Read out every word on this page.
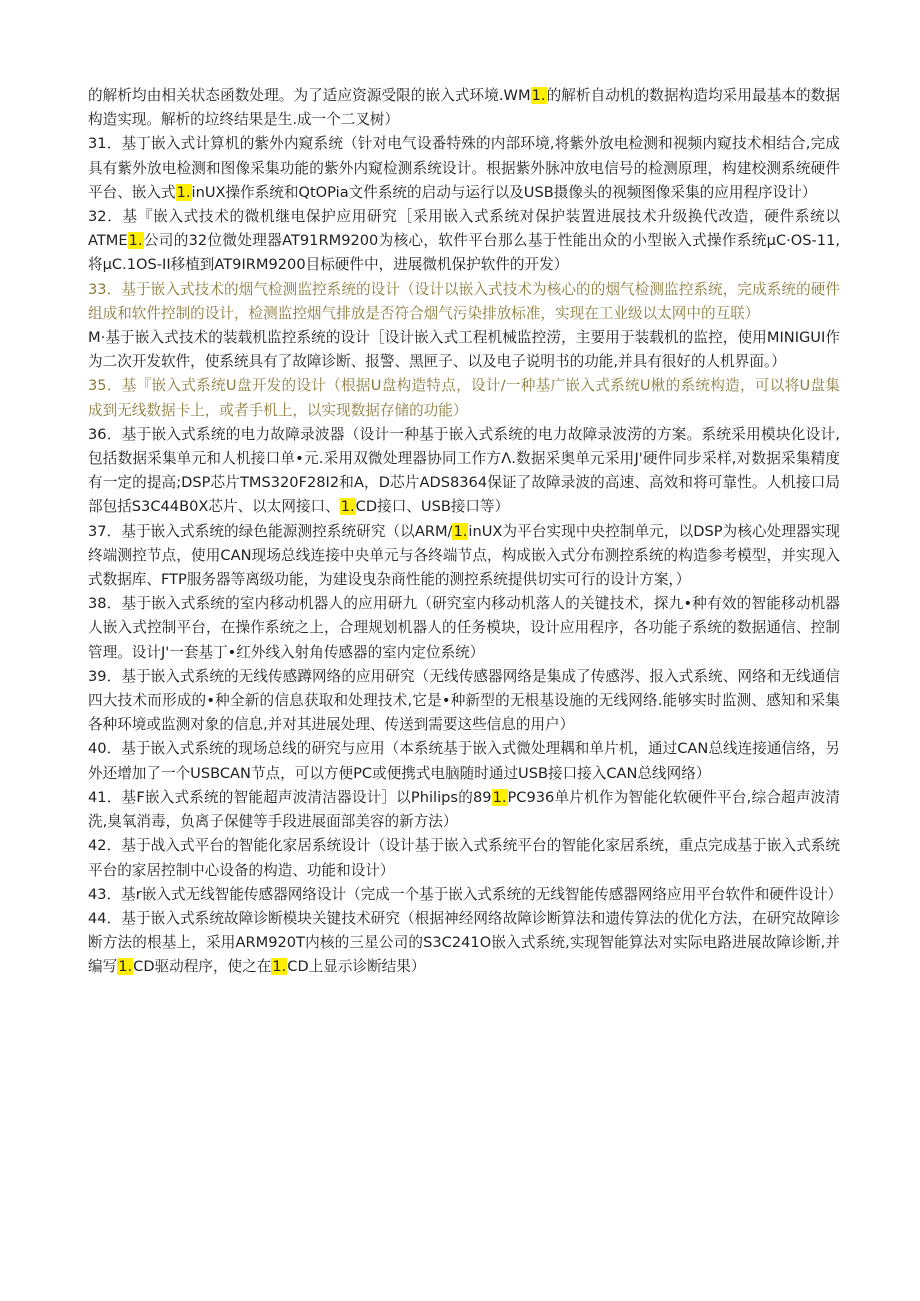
的解析均由相关状态函数处理。为了适应资源受限的嵌入式环境.WM1.的解析自动机的数据构造均采用最基本的数据构造实现。解析的垃终结果是生.成一个二叉树）

31．基丁嵌入式计算机的紫外内窥系统（针对电气设番特殊的内部环境,将紫外放电检测和视频内窥技术相结合,完成具有紫外放电检测和图像采集功能的紫外内窥检测系统设计。根据紫外脉冲放电信号的检测原理，构建校测系统硬件平台、嵌入式1.inUX操作系统和QtOPia文件系统的启动与运行以及USB摄像头的视频图像采集的应用程序设计）

32．基『嵌入式技术的微机继电保护应用研究［采用嵌入式系统对保护装置进展技术升级换代改造，硬件系统以ATME1.公司的32位微处理器AT91RM9200为核心，软件平台那么基于性能出众的小型嵌入式操作系统μC·OS-11,将μC.1OS-II移植到AT9IRM9200目标硬件中，进展微机保护软件的开发）

33．基于嵌入式技术的烟气检测监控系统的设计（设计以嵌入式技术为核心的的烟气检测监控系统，完成系统的硬件组成和软件控制的设计，检测监控烟气排放是否符合烟气污染排放标准，实现在工业级以太网中的互联）

M·基于嵌入式技术的装载机监控系统的设计［设计嵌入式工程机械监控涝，主要用于装载机的监控，使用MINIGUI作为二次开发软件，使系统具有了故障诊断、报警、黑匣子、以及电子说明书的功能,并具有很好的人机界面。）

35．基『嵌入式系统U盘开发的设计（根据U盘构造特点，设计/一种基广嵌入式系统U楸的系统构造，可以将U盘集成到无线数据卡上，或者手机上，以实现数据存储的功能）

36．基于嵌入式系统的电力故障录波器（设计一种基于嵌入式系统的电力故障录波涝的方案。系统采用模块化设计,包括数据采集单元和人机接口单•元.采用双微处理器协同工作方Λ.数据采奥单元采用J'硬件同步采样,对数据采集精度有一定的提高;DSP芯片TMS320F28I2和A，D芯片ADS8364保证了故障录波的高速、高效和将可靠性。人机接口局部包括S3C44B0X芯片、以太网接口、1.CD接口、USB接口等）

37．基于嵌入式系统的绿色能源测控系统研究（以ARM/1.inUX为平台实现中央控制单元，以DSP为核心处理器实现终端测控节点，使用CAN现场总线连接中央单元与各终端节点，构成嵌入式分布测控系统的构造参考模型，并实现入式数据库、FTP服务器等离级功能，为建设曳杂商性能的测控系统提供切实可行的设计方案，）

38．基于嵌入式系统的室内移动机器人的应用研九（研究室内移动机落人的关键技术，探九•种有效的智能移动机器人嵌入式控制平台，在操作系统之上，合理规划机器人的任务模块，设计应用程序，各功能子系统的数据通信、控制管理。设计J'一套基丁•红外线入射角传感器的室内定位系统）

39．基于嵌入式系统的无线传感蹲网络的应用研究（无线传感器网络是集成了传感涔、报入式系统、网络和无线通信四大技术而形成的•种全新的信息获取和处理技术,它是•种新型的无根基设施的无线网络.能够实时监测、感知和采集各种环境或监测对象的信息,并对其进展处理、传送到需要这些信息的用户）

40．基于嵌入式系统的现场总线的研究与应用（本系统基于嵌入式微处理耦和单片机，通过CAN总线连接通信络，另外还增加了一个USBCAN节点，可以方便PC或便携式电脑随时通过USB接口接入CAN总线网络）

41．基F嵌入式系统的智能超声波清洁器设计］以Philips的891.PC936单片机作为智能化软硬件平台,综合超声波清洗,臭氧消毒，负离子保健等手段进展面部美容的新方法）

42．基于战入式平台的智能化家居系统设计（设计基于嵌入式系统平台的智能化家居系统，重点完成基于嵌入式系统平台的家居控制中心设备的构造、功能和设计）

43．基r嵌入式无线智能传感器网络设计（完成一个基于嵌入式系统的无线智能传感器网络应用平台软件和硬件设计）

44．基于嵌入式系统故障诊断模块关键技术研究（根据神经网络故障诊断算法和遗传算法的优化方法，在研究故障诊断方法的根基上，采用ARM920T内核的三星公司的S3C241O嵌入式系统,实现智能算法对实际电路进展故障诊断,并编写1.CD驱动程序，使之在1.CD上显示诊断结果）
